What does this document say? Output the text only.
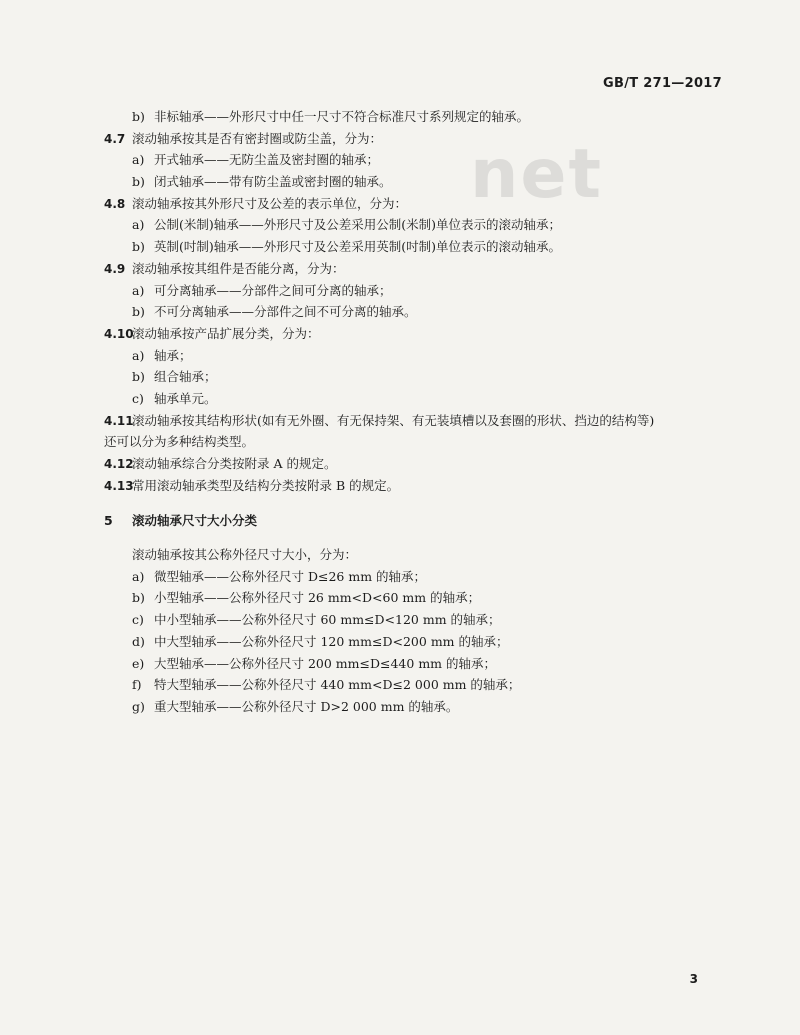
GB/T 271—2017
net
b) 非标轴承——外形尺寸中任一尺寸不符合标准尺寸系列规定的轴承。
4.7 滚动轴承按其是否有密封圈或防尘盖，分为：
a) 开式轴承——无防尘盖及密封圈的轴承；
b) 闭式轴承——带有防尘盖或密封圈的轴承。
4.8 滚动轴承按其外形尺寸及公差的表示单位，分为：
a) 公制(米制)轴承——外形尺寸及公差采用公制(米制)单位表示的滚动轴承；
b) 英制(吋制)轴承——外形尺寸及公差采用英制(吋制)单位表示的滚动轴承。
4.9 滚动轴承按其组件是否能分离，分为：
a) 可分离轴承——分部件之间可分离的轴承；
b) 不可分离轴承——分部件之间不可分离的轴承。
4.10滚动轴承按产品扩展分类，分为：
a) 轴承；
b) 组合轴承；
c) 轴承单元。
4.11滚动轴承按其结构形状(如有无外圈、有无保持架、有无装填槽以及套圈的形状、挡边的结构等)
还可以分为多种结构类型。
4.12滚动轴承综合分类按附录 A 的规定。
4.13常用滚动轴承类型及结构分类按附录 B 的规定。
5 滚动轴承尺寸大小分类
滚动轴承按其公称外径尺寸大小，分为：
a) 微型轴承——公称外径尺寸 D≤26 mm 的轴承；
b) 小型轴承——公称外径尺寸 26 mm<D<60 mm 的轴承；
c) 中小型轴承——公称外径尺寸 60 mm≤D<120 mm 的轴承；
d) 中大型轴承——公称外径尺寸 120 mm≤D<200 mm 的轴承；
e) 大型轴承——公称外径尺寸 200 mm≤D≤440 mm 的轴承；
f) 特大型轴承——公称外径尺寸 440 mm<D≤2 000 mm 的轴承；
g) 重大型轴承——公称外径尺寸 D>2 000 mm 的轴承。
3
